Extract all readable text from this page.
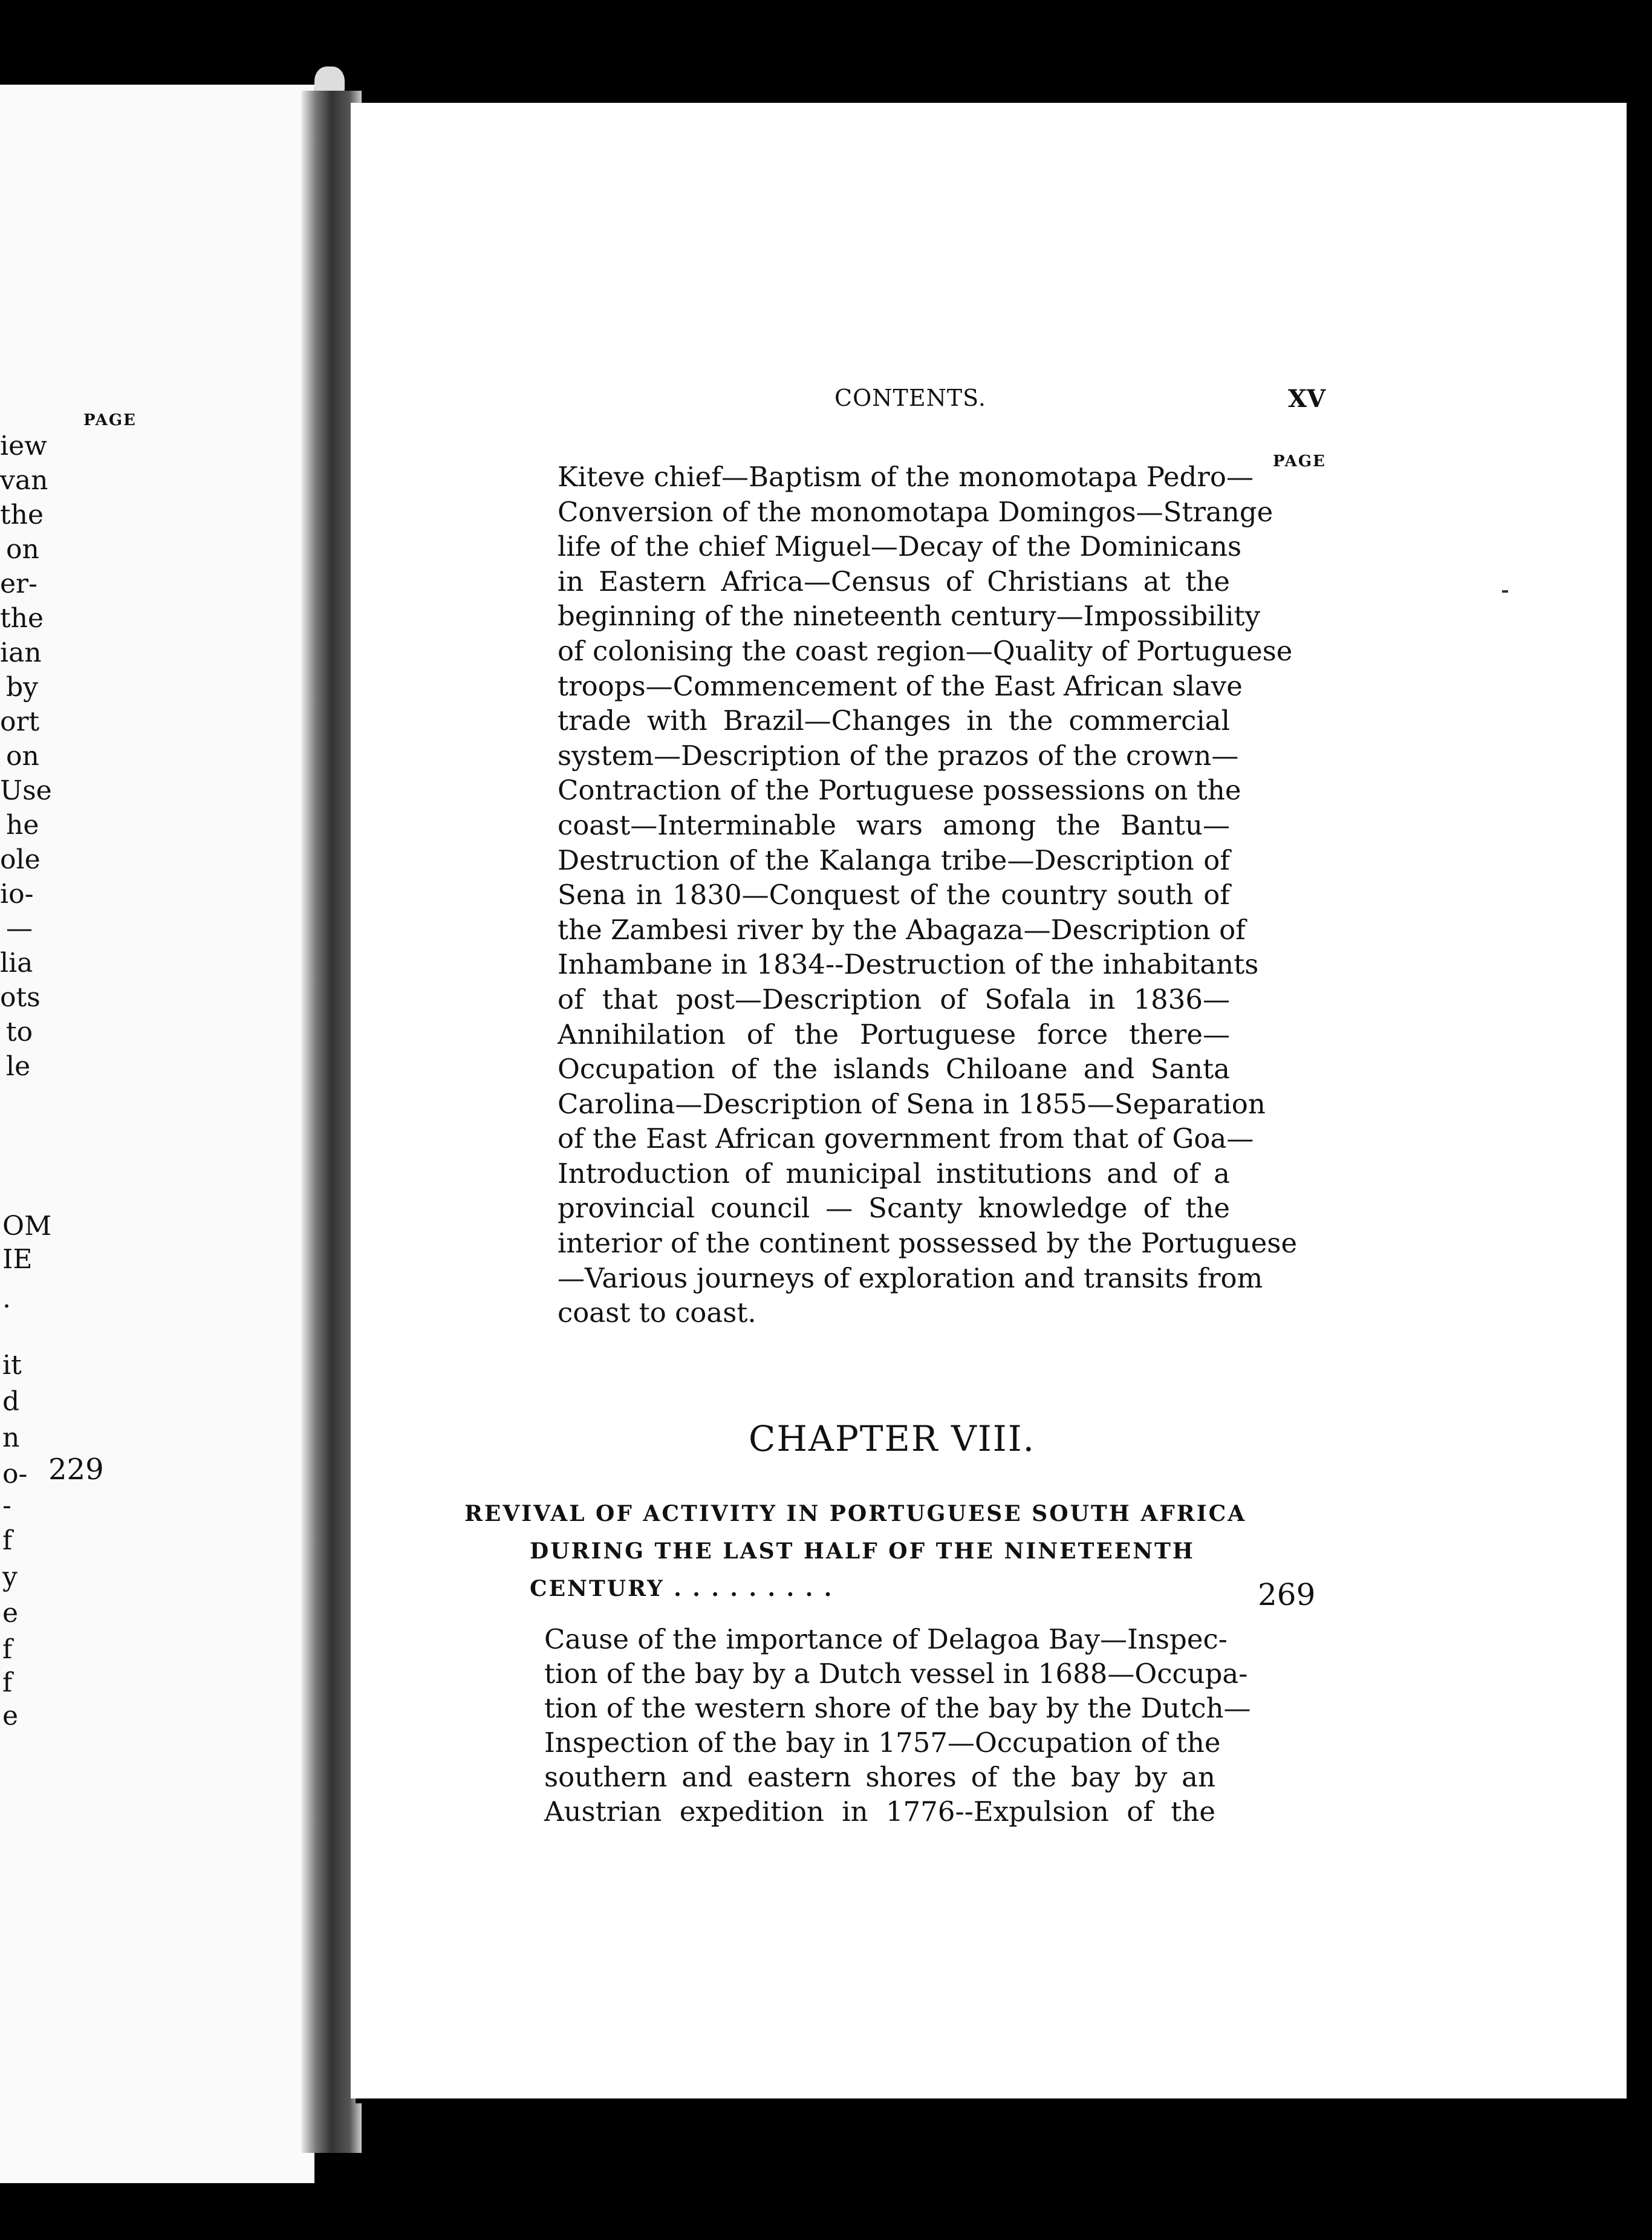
PAGE
iew
van
the
on
er-
the
ian
by
ort
on
Use
he
ole
io-
—
lia
ots
to
le
OM
IE
.
it
d
n
o-
-
f
y
e
f
f
e
229
CONTENTS.	XV
PAGE
Kiteve chief—Baptism of the monomotapa Pedro—
Conversion of the monomotapa Domingos—Strange
life of the chief Miguel—Decay of the Dominicans
in Eastern Africa—Census of Christians at the
beginning of the nineteenth century—Impossibility
of colonising the coast region—Quality of Portuguese
troops—Commencement of the East African slave
trade with Brazil—Changes in the commercial
system—Description of the prazos of the crown—
Contraction of the Portuguese possessions on the
coast—Interminable wars among the Bantu—
Destruction of the Kalanga tribe—Description of
Sena in 1830—Conquest of the country south of
the Zambesi river by the Abagaza—Description of
Inhambane in 1834--Destruction of the inhabitants
of that post—Description of Sofala in 1836—
Annihilation of the Portuguese force there—
Occupation of the islands Chiloane and Santa
Carolina—Description of Sena in 1855—Separation
of the East African government from that of Goa—
Introduction of municipal institutions and of a
provincial council — Scanty knowledge of the
interior of the continent possessed by the Portuguese
—Various journeys of exploration and transits from
coast to coast.
CHAPTER VIII.
REVIVAL OF ACTIVITY IN PORTUGUESE SOUTH AFRICA
DURING THE LAST HALF OF THE NINETEENTH
CENTURY . . . . . . . . .	269
Cause of the importance of Delagoa Bay—Inspec-
tion of the bay by a Dutch vessel in 1688—Occupa-
tion of the western shore of the bay by the Dutch—
Inspection of the bay in 1757—Occupation of the
southern and eastern shores of the bay by an
Austrian expedition in 1776--Expulsion of the
